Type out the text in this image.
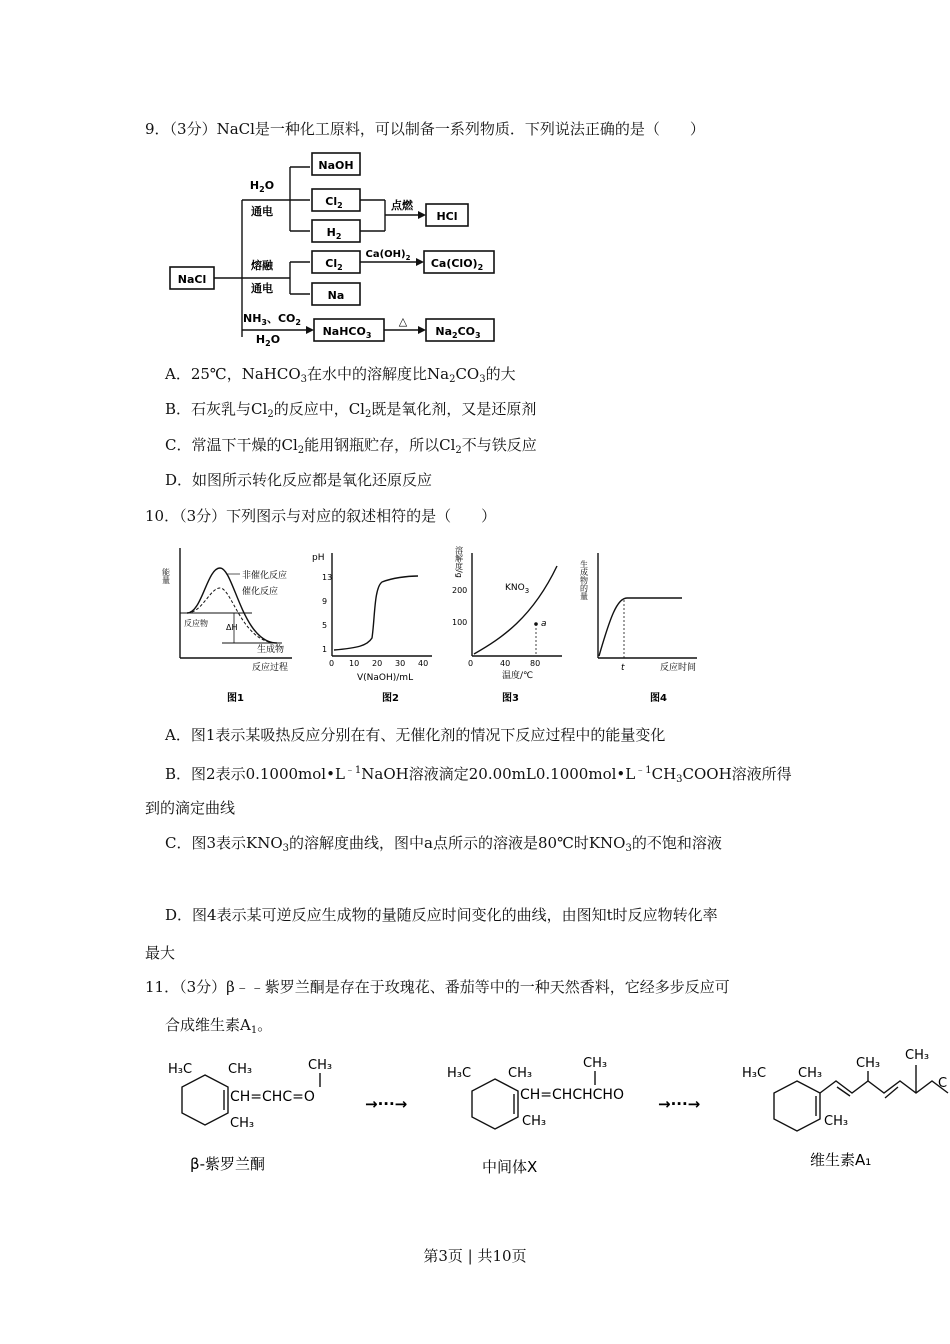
9．（3分）NaCl是一种化工原料，可以制备一系列物质．下列说法正确的是（　　）
NaCl
NaOH
$Cl_2$
$H_2$
$H_2O$
通电	点燃
HCl
熔融
通电
$Cl_2$
Na
$Ca(OH)_2$ $Ca(ClO)_2$
$NH_3$、$CO_2$
$H_2O$
NaHCO$_3$
△
$Na_2CO_3$
A．25℃，NaHCO$_3$在水中的溶解度比$Na_2CO_3$的大
B．石灰乳与$Cl_2$的反应中，$Cl_2$既是氧化剂，又是还原剂
C．常温下干燥的$Cl_2$能用钢瓶贮存，所以$Cl_2$不与铁反应
D．如图所示转化反应都是氧化还原反应
10．（3分）下列图示与对应的叙述相符的是（　　）
能量	非催化反应
催化反应
反应物 ΔH
生成物
反应过程
图1
pH
13
9
5
1
0 10 20 30 40
V(NaOH)/mL
图2
溶解度/g
200
100
0	40 80
$KNO_3$
a
温度/℃
图3
生成物的量
t	反应时间
图4
A．图1表示某吸热反应分别在有、无催化剂的情况下反应过程中的能量变化
B．图2表示$0.1000mol•L^{﹣1}NaOH$溶液滴定$20.00mL0.1000mol•L^{﹣1}CH_3COOH$溶液所得
到的滴定曲线
C．图3表示$KNO_3$的溶解度曲线，图中a点所示的溶液是80℃时$KNO_3$的不饱和溶液
D．图4表示某可逆反应生成物的量随反应时间变化的曲线，由图知t时反应物转化率
最大
11．（3分）β﹣﹣紫罗兰酮是存在于玫瑰花、番茄等中的一种天然香料，它经多步反应可
合成维生素$A_1$。
H₃C	CH₃	CH₃
CH=CHC=O
CH₃
β-紫罗兰酮
→···→
H₃C	CH₃
CH₃
CH=CHCHCHO
CH₃
中间体X
→···→
H₃C CH₃
CH₃
CH₃
CH₃
C
维生素A₁
第3页 | 共10页
